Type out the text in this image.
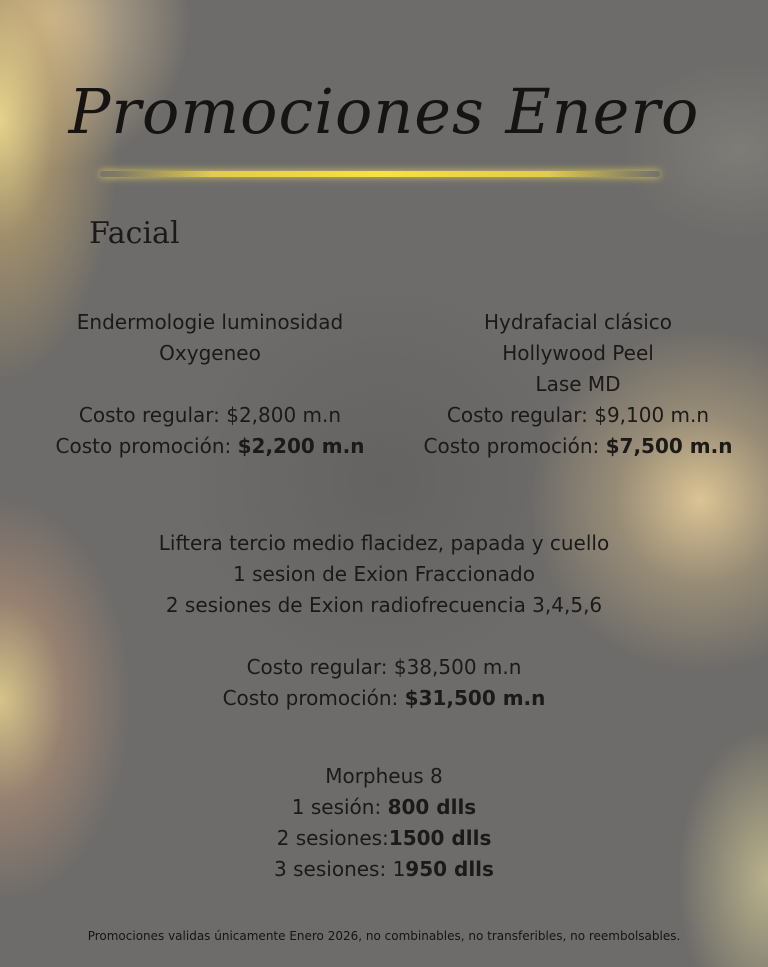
Promociones Enero
Facial
Endermologie luminosidad
Oxygeneo
Costo regular: $2,800 m.n
Costo promoción: $2,200 m.n
Hydrafacial clásico
Hollywood Peel
Lase MD
Costo regular: $9,100 m.n
Costo promoción: $7,500 m.n
Liftera tercio medio flacidez, papada y cuello
1 sesion de Exion Fraccionado
2 sesiones de Exion radiofrecuencia 3,4,5,6
Costo regular: $38,500 m.n
Costo promoción: $31,500 m.n
Morpheus 8
1 sesión: 800 dlls
2 sesiones:1500 dlls
3 sesiones: 1950 dlls
Promociones validas únicamente Enero 2026, no combinables, no transferibles, no reembolsables.
